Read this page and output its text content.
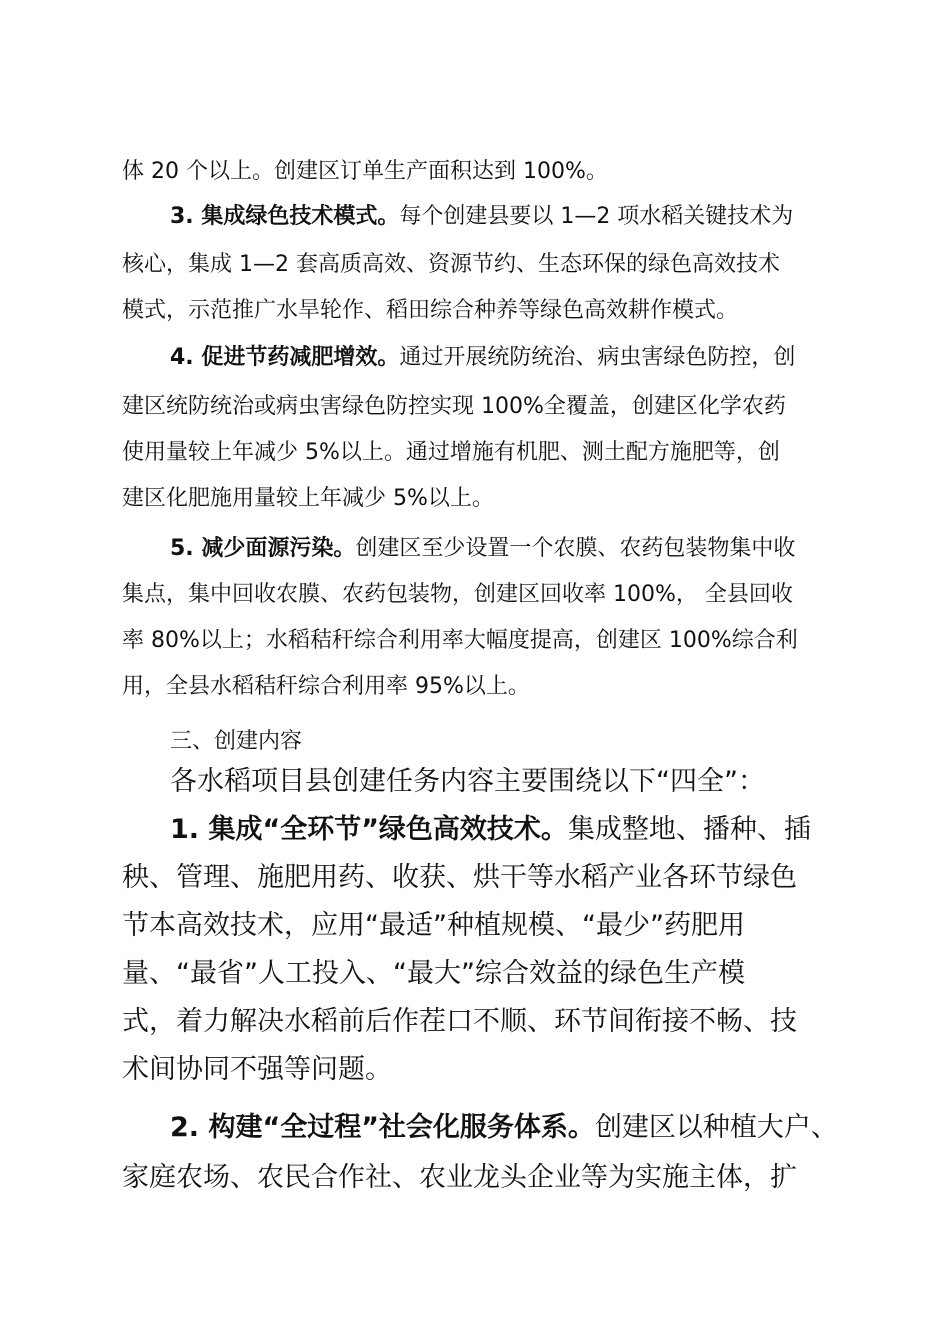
体 20 个以上。创建区订单生产面积达到 100%。
3. 集成绿色技术模式。每个创建县要以 1—2 项水稻关键技术为
核心，集成 1—2 套高质高效、资源节约、生态环保的绿色高效技术
模式，示范推广水旱轮作、稻田综合种养等绿色高效耕作模式。
4. 促进节药减肥增效。通过开展统防统治、病虫害绿色防控，创
建区统防统治或病虫害绿色防控实现 100%全覆盖，创建区化学农药
使用量较上年减少 5%以上。通过增施有机肥、测土配方施肥等，创
建区化肥施用量较上年减少 5%以上。
5. 减少面源污染。创建区至少设置一个农膜、农药包装物集中收
集点，集中回收农膜、农药包装物，创建区回收率 100%， 全县回收
率 80%以上；水稻秸秆综合利用率大幅度提高，创建区 100%综合利
用，全县水稻秸秆综合利用率 95%以上。
三、创建内容
各水稻项目县创建任务内容主要围绕以下“四全”：
1. 集成“全环节”绿色高效技术。集成整地、播种、插
秧、管理、施肥用药、收获、烘干等水稻产业各环节绿色
节本高效技术，应用“最适”种植规模、“最少”药肥用
量、“最省”人工投入、“最大”综合效益的绿色生产模
式，着力解决水稻前后作茬口不顺、环节间衔接不畅、技
术间协同不强等问题。
2. 构建“全过程”社会化服务体系。创建区以种植大户、
家庭农场、农民合作社、农业龙头企业等为实施主体，扩
